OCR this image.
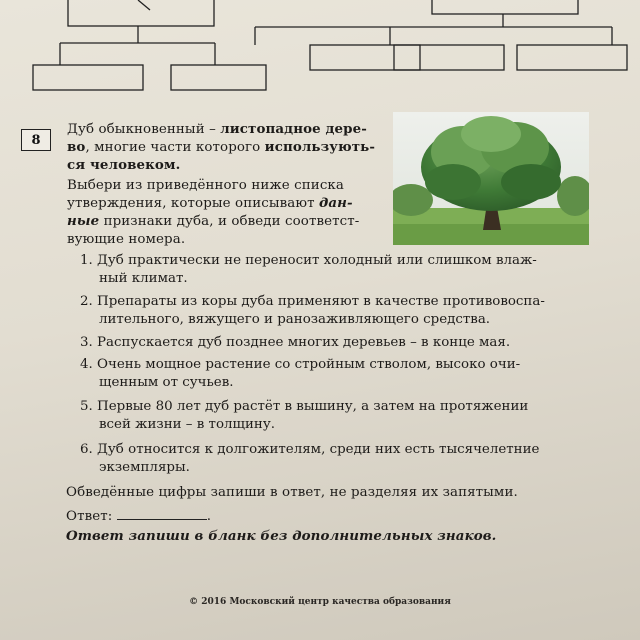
8
Дуб обыкновенный – листопадное дере-
во, многие части которого использують-
ся человеком.
Выбери из приведённого ниже списка
утверждения, которые описывают дан-
ные признаки дуба, и обведи соответст-
вующие номера.
1. Дуб практически не переносит холодный или слишком влаж-
ный климат.
2. Препараты из коры дуба применяют в качестве противовоспа-
лительного, вяжущего и ранозаживляющего средства.
3. Распускается дуб позднее многих деревьев – в конце мая.
4. Очень мощное растение со стройным стволом, высоко очи-
щенным от сучьев.
5. Первые 80 лет дуб растёт в вышину, а затем на протяжении
всей жизни – в толщину.
6. Дуб относится к долгожителям, среди них есть тысячелетние
экземпляры.
Обведённые цифры запиши в ответ, не разделяя их запятыми.
Ответ:	.
Ответ запиши в бланк без дополнительных знаков.
© 2016 Московский центр качества образования
